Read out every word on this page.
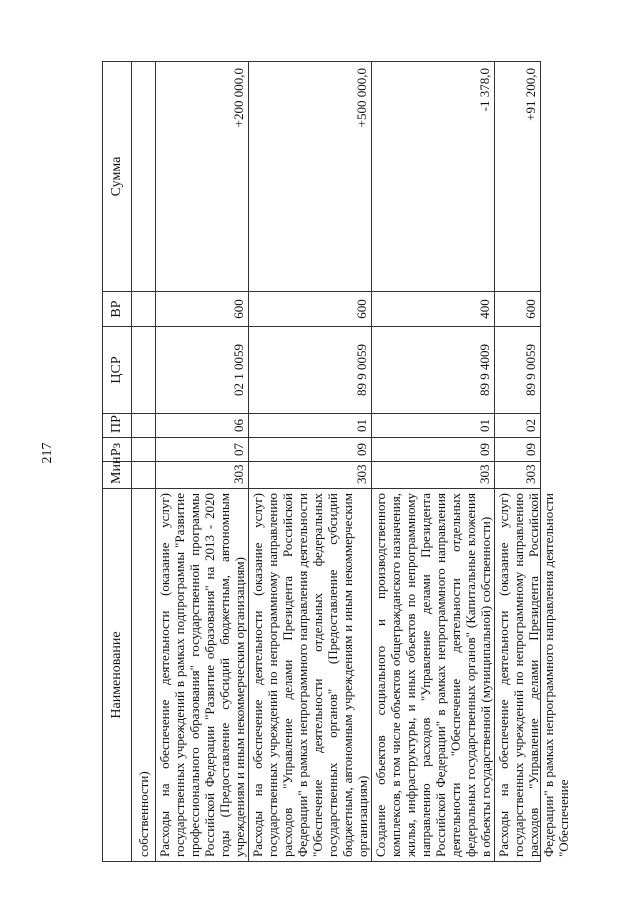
217
Наименование	Мин	Рз	ПР	ЦСР	ВР	Сумма
собственности)						
Расходы на обеспечение деятельности (оказание услуг) государственных учреждений в рамках подпрограммы "Развитие профессионального образования" государственной программы Российской Федерации "Развитие образования" на 2013 - 2020 годы (Предоставление субсидий бюджетным, автономным учреждениям и иным некоммерческим организациям)	303	07	06	02 1 0059	600	+200 000,0
Расходы на обеспечение деятельности (оказание услуг) государственных учреждений по непрограммному направлению расходов "Управление делами Президента Российской Федерации" в рамках непрограммного направления деятельности "Обеспечение деятельности отдельных федеральных государственных органов" (Предоставление субсидий бюджетным, автономным учреждениям и иным некоммерческим организациям)	303	09	01	89 9 0059	600	+500 000,0
Создание объектов социального и производственного комплексов, в том числе объектов общегражданского назначения, жилья, инфраструктуры, и иных объектов по непрограммному направлению расходов "Управление делами Президента Российской Федерации" в рамках непрограммного направления деятельности "Обеспечение деятельности отдельных федеральных государственных органов" (Капитальные вложения в объекты государственной (муниципальной) собственности)	303	09	01	89 9 4009	400	-1 378,0

Расходы на обеспечение деятельности (оказание услуг) государственных учреждений по непрограммному направлению расходов "Управление делами Президента Российской Федерации" в рамках непрограммного направления деятельности "Обеспечение	303	09	02	89 9 0059	600	+91 200,0
